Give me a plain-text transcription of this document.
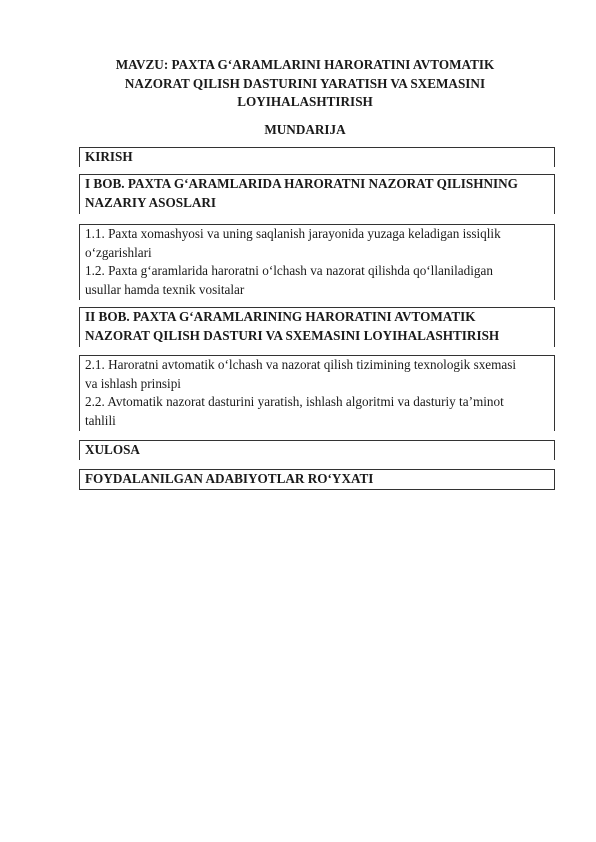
MAVZU: PAXTA G‘ARAMLARINI HARORATINI AVTOMATIK
NAZORAT QILISH DASTURINI YARATISH VA SXEMASINI
LOYIHALASHTIRISH
MUNDARIJA
KIRISH
I BOB. PAXTA G‘ARAMLARIDA HARORATNI NAZORAT QILISHNING
NAZARIY ASOSLARI
1.1. Paxta xomashyosi va uning saqlanish jarayonida yuzaga keladigan issiqlik
o‘zgarishlari
1.2. Paxta g‘aramlarida haroratni o‘lchash va nazorat qilishda qo‘llaniladigan
usullar hamda texnik vositalar
II BOB. PAXTA G‘ARAMLARINING HARORATINI AVTOMATIK
NAZORAT QILISH DASTURI VA SXEMASINI LOYIHALASHTIRISH
2.1. Haroratni avtomatik o‘lchash va nazorat qilish tizimining texnologik sxemasi
va ishlash prinsipi
2.2. Avtomatik nazorat dasturini yaratish, ishlash algoritmi va dasturiy ta’minot
tahlili
XULOSA
FOYDALANILGAN ADABIYOTLAR RO‘YXATI
